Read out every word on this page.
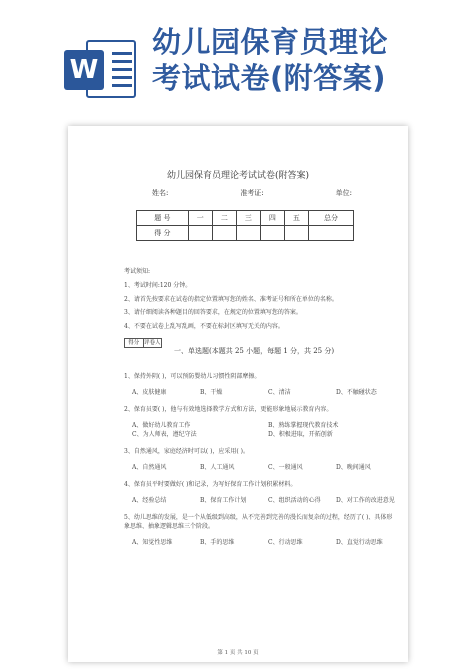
W
幼儿园保育员理论
考试试卷(附答案)
幼儿园保育员理论考试试卷(附答案)
姓名:	准考证:	单位:
题 号	一	二	三	四	五	总分
得 分						
考试须知:

1、考试时间:120 分钟。

2、请首先按要求在试卷的指定位置填写您的姓名、准考证号和所在单位的名称。

3、请仔细阅读各种题目的回答要求，在规定的位置填写您的答案。

4、不要在试卷上乱写乱画，不要在标封区填写无关的内容。

得分 评卷人
一、单选题(本题共 25 小题，每题 1 分，共 25 分)
1、保持外阴( )，可以预防婴幼儿习惯性阴部摩擦。
A、皮肤健康	B、干燥	C、清洁	D、不触碰状态
2、保育员要( )，他与有效地选择教学方式和方法，更能形象地展示教育内容。
A、做好幼儿教育工作	B、熟练掌握现代教育技术
C、为人师表，遵纪守法	D、积极进取，开拓创新
3、自然通风，家庭经济时可以( )，应采用( )。
A、自然通风	B、人工通风	C、一般通风	D、晚间通风
4、保育员平时要做好( )和记录，为写好保育工作计划积累材料。
A、经验总结	B、保育工作计划	C、组织活动的心得	D、对工作的改进意见
5、幼儿思维的发展，是一个从低级到高级，从不完善到完善的漫长而复杂的过程，经历了( )、具体形象思维、抽象逻辑思维三个阶段。
A、知觉性思维	B、手的思维	C、行动思维	D、直觉行动思维
第 1 页 共 10 页
